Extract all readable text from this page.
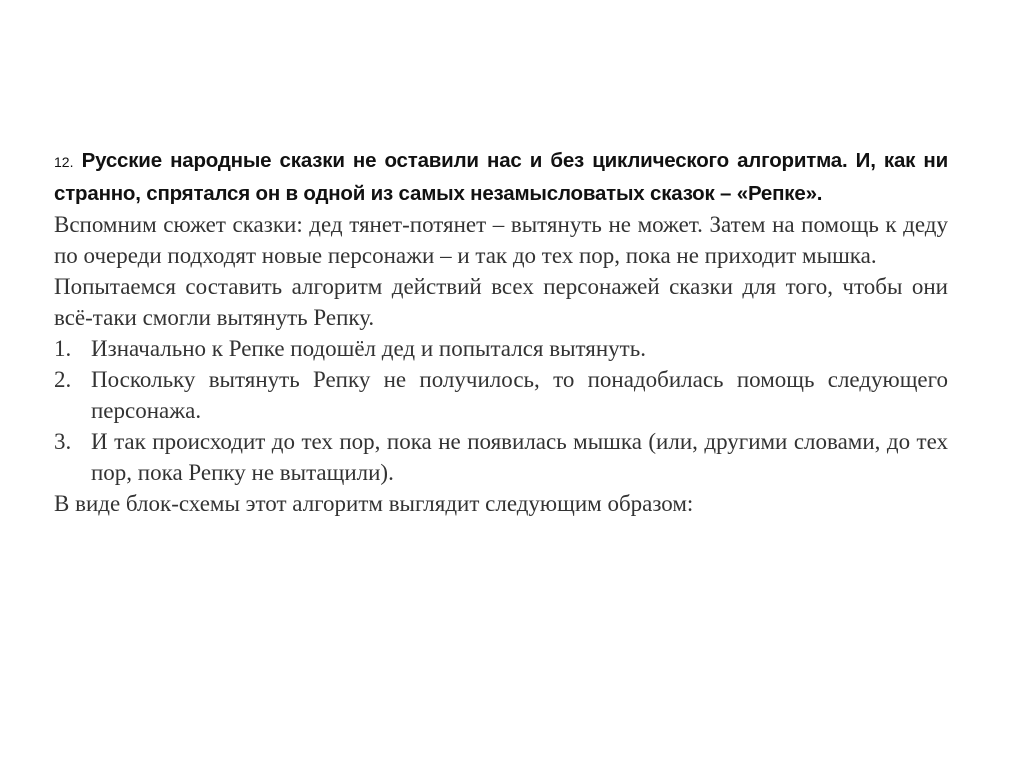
12. Русские народные сказки не оставили нас и без циклического алгоритма. И, как ни странно, спрятался он в одной из самых незамысловатых сказок – «Репке».

Вспомним сюжет сказки: дед тянет-потянет – вытянуть не может. Затем на помощь к деду по очереди подходят новые персонажи – и так до тех пор, пока не приходит мышка.

Попытаемся составить алгоритм действий всех персонажей сказки для того, чтобы они всё-таки смогли вытянуть Репку.

1. Изначально к Репке подошёл дед и попытался вытянуть.
2. Поскольку вытянуть Репку не получилось, то понадобилась помощь следующего персонажа.
3. И так происходит до тех пор, пока не появилась мышка (или, другими словами, до тех пор, пока Репку не вытащили).

В виде блок-схемы этот алгоритм выглядит следующим образом:
